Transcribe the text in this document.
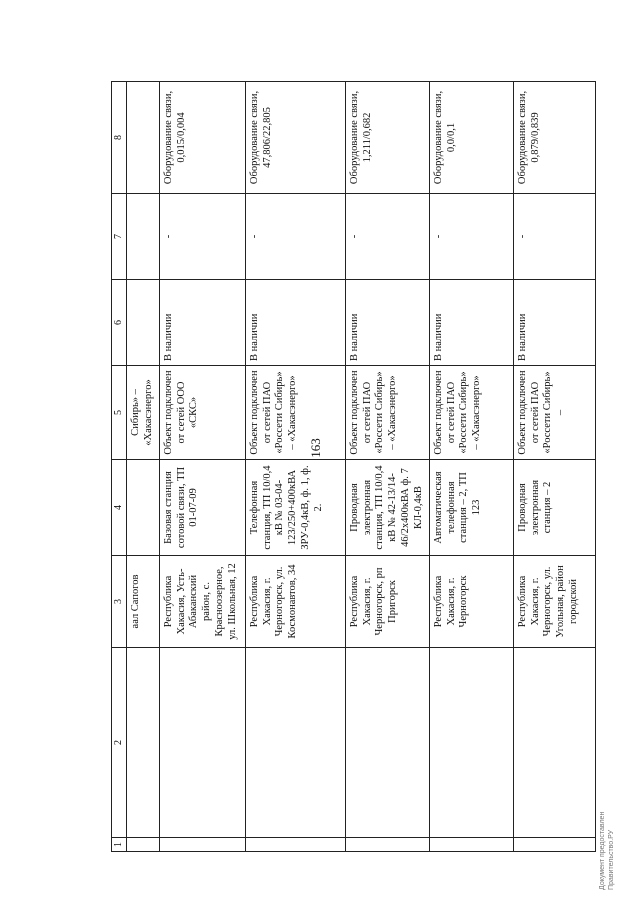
163
1	2	3	4	5	6	7	8
		аал Сапогов		Сибирь» – «Хакасэнерго»			
		Республика Хакасия, Усть-Абаканский район, с. Красноозерное, ул. Школьная, 12	Базовая станция сотовой связи, ТП 01-07-09	Объект подключен от сетей ООО «СКС»	В наличии	-	Оборудование связи, 0,015/0,004
		Республика Хакасия, г. Черногорск, ул. Космонавтов, 34	Телефонная станция, ТП 10/0,4 кВ № 03-04-123/250+400кВА ЗРУ-0,4кВ, ф. 1, ф. 2.	Объект подключен от сетей ПАО «Россети Сибирь» – «Хакасэнерго»	В наличии	-	Оборудование связи, 47,806/22,805
		Республика Хакасия, г. Черногорск, рп Пригорск	Проводная электронная станция, ТП 10/0,4 кВ № 42-13/14-46/2х400кВА ф. 7 КЛ-0,4кВ	Объект подключен от сетей ПАО «Россети Сибирь» – «Хакасэнерго»	В наличии	-	Оборудование связи, 1,211/0,682
		Республика Хакасия, г. Черногорск	Автоматическая телефонная станция – 2, ТП 123	Объект подключен от сетей ПАО «Россети Сибирь» – «Хакасэнерго»	В наличии	-	Оборудование связи, 0,0/0,1
		Республика Хакасия, г. Черногорск, ул. Угольная, район городской	Проводная электронная станция – 2	Объект подключен от сетей ПАО «Россети Сибирь» –	В наличии	-	Оборудование связи, 0,879/0,839
Документ предоставлен Правительство.РУ
